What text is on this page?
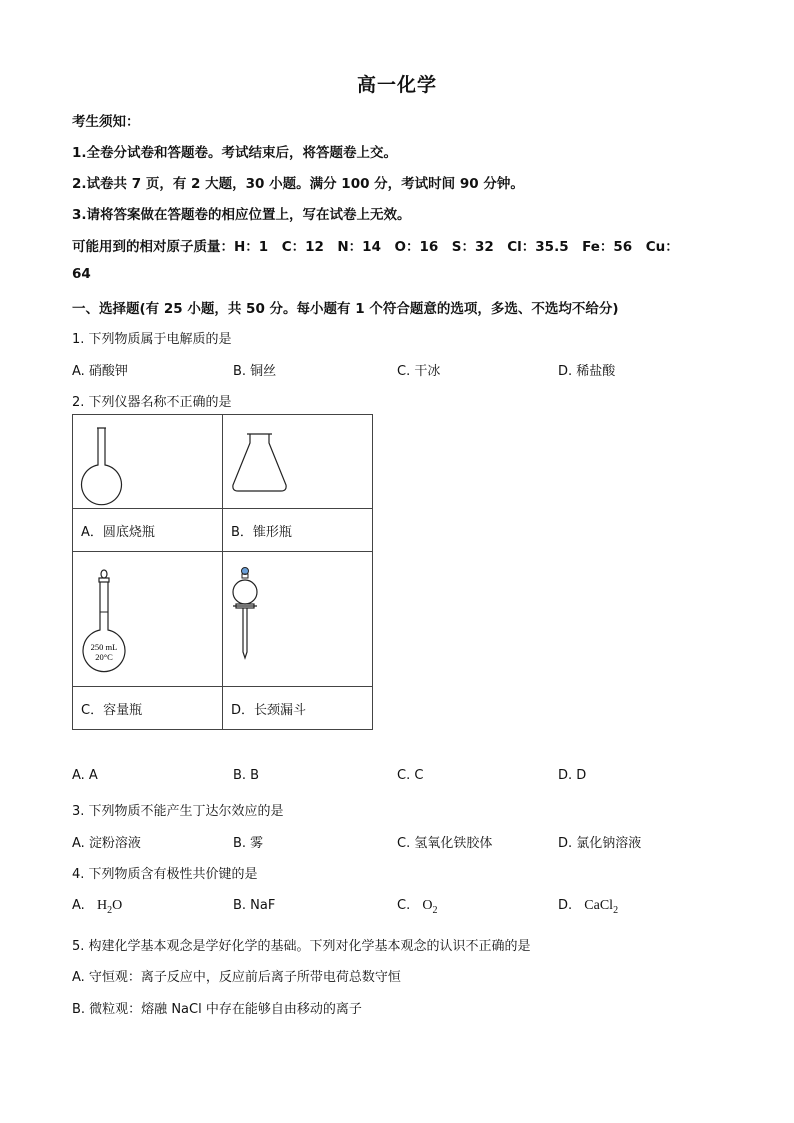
高一化学
考生须知：
1.全卷分试卷和答题卷。考试结束后，将答题卷上交。
2.试卷共 7 页，有 2 大题，30 小题。满分 100 分，考试时间 90 分钟。
3.请将答案做在答题卷的相应位置上，写在试卷上无效。
可能用到的相对原子质量：H：1　C：12　N：14　O：16　S：32　Cl：35.5　Fe：56　Cu：
64
一、选择题(有 25 小题，共 50 分。每小题有 1 个符合题意的选项，多选、不选均不给分)
1. 下列物质属于电解质的是
A. 硝酸钾	B. 铜丝	C. 干冰	D. 稀盐酸
2. 下列仪器名称不正确的是

A．圆底烧瓶	B．锥形瓶

250 mL
20°C

C．容量瓶	D．长颈漏斗
A. A	B. B	C. C	D. D
3. 下列物质不能产生丁达尔效应的是
A. 淀粉溶液	B. 雾	C. 氢氧化铁胶体	D. 氯化钠溶液
4. 下列物质含有极性共价键的是
A. $H_2O$	B. NaF	C. $O_2$	D. CaCl$_2$
5. 构建化学基本观念是学好化学的基础。下列对化学基本观念的认识不正确的是
A. 守恒观：离子反应中，反应前后离子所带电荷总数守恒
B. 微粒观：熔融 NaCl 中存在能够自由移动的离子
